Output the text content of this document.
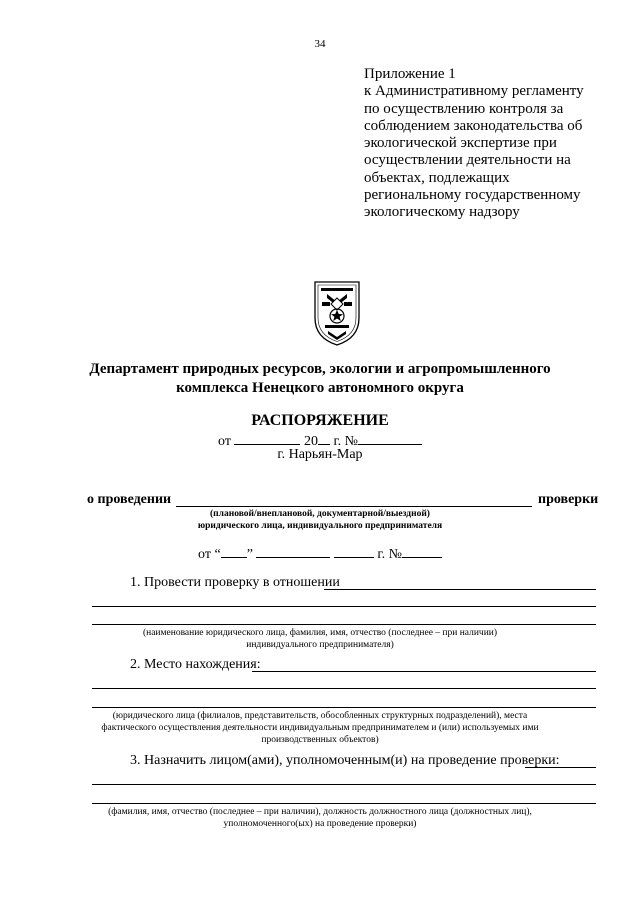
34
Приложение 1
к Административному регламенту
по осуществлению контроля за
соблюдением законодательства об
экологической экспертизе при
осуществлении деятельности на
объектах, подлежащих
региональному государственному
экологическому надзору
Департамент природных ресурсов, экологии и агропромышленного
комплекса Ненецкого автономного округа
РАСПОРЯЖЕНИЕ
от	20 г. №
г. Нарьян-Мар
о проведении	проверки
(плановой/внеплановой, документарной/выездной)
юридического лица, индивидуального предпринимателя
от “ ”	г. №
1. Провести проверку в отношении
(наименование юридического лица, фамилия, имя, отчество (последнее – при наличии)
индивидуального предпринимателя)
2. Место нахождения:
(юридического лица (филиалов, представительств, обособленных структурных подразделений), места
фактического осуществления деятельности индивидуальным предпринимателем и (или) используемых ими
производственных объектов)
3. Назначить лицом(ами), уполномоченным(и) на проведение проверки:
(фамилия, имя, отчество (последнее – при наличии), должность должностного лица (должностных лиц),
уполномоченного(ых) на проведение проверки)
